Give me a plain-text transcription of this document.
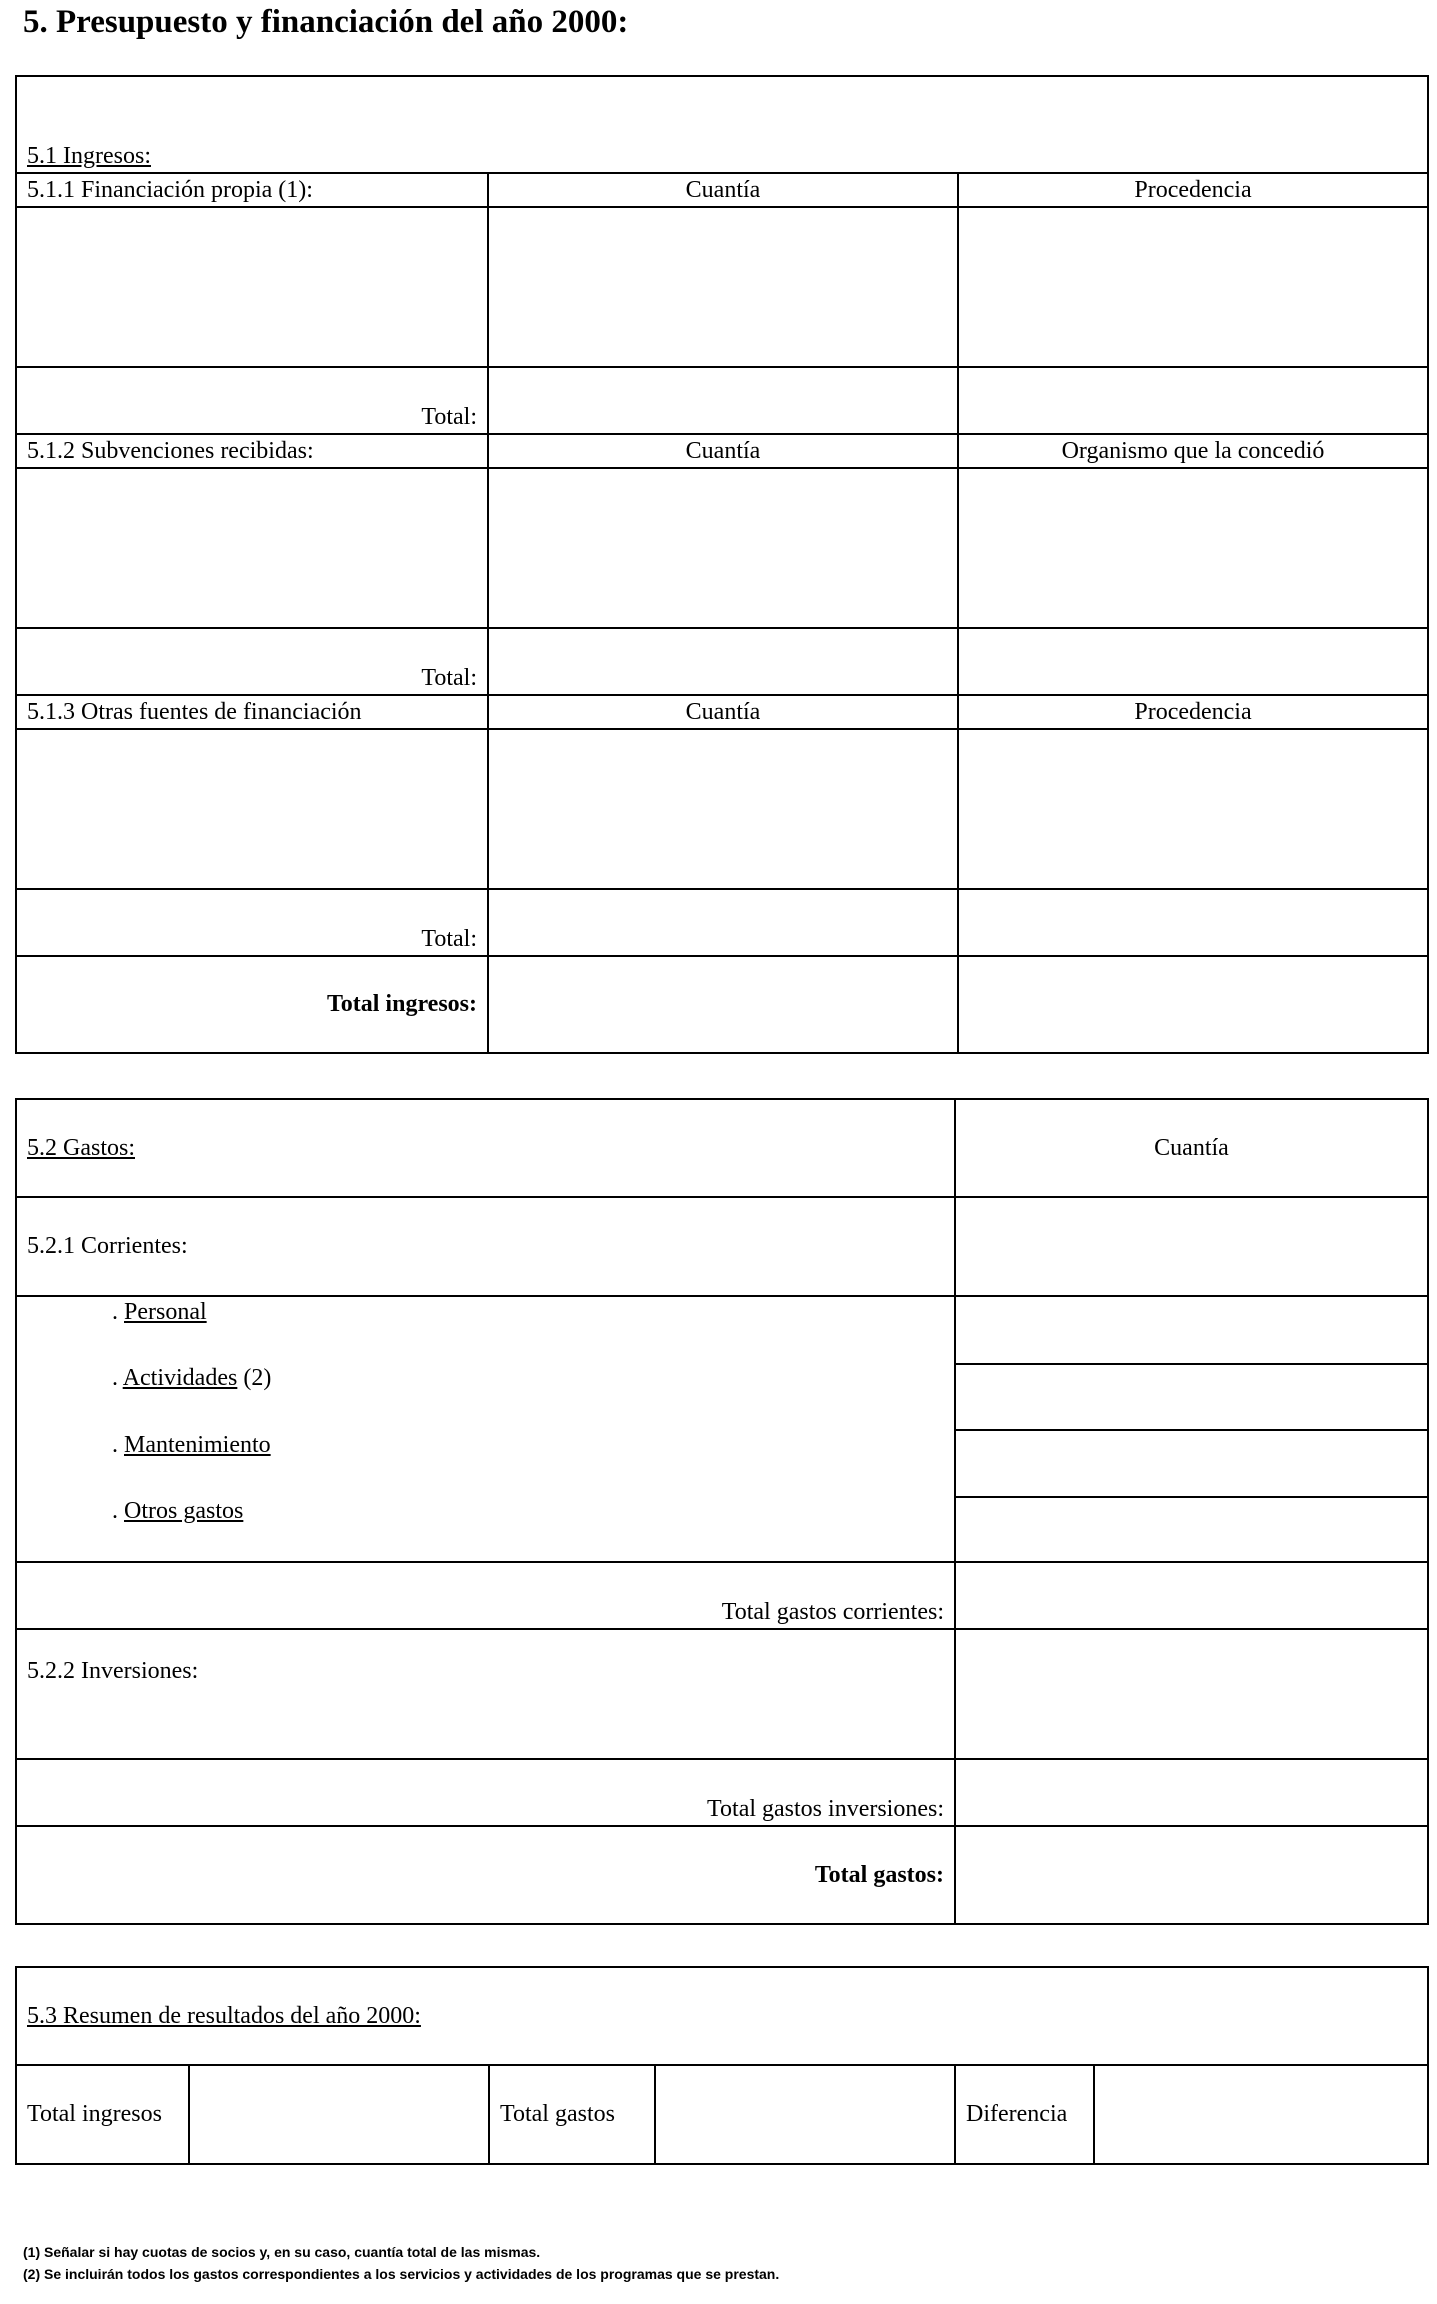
5. Presupuesto y financiación del año 2000:
5.1 Ingresos:		
5.1.1 Financiación propia (1):	Cuantía	Procedencia

Total:		
5.1.2 Subvenciones recibidas:	Cuantía	Organismo que la concedió

Total:		
5.1.3 Otras fuentes de financiación	Cuantía	Procedencia

Total:		
Total ingresos:		
5.2 Gastos:	Cuantía
5.2.1 Corrientes:	

. Personal
. Actividades (2)
. Mantenimiento
. Otros gastos	

Total gastos corrientes:	
5.2.2 Inversiones:	
Total gastos inversiones:	
Total gastos:	
5.3 Resumen de resultados del año 2000:
Total ingresos		Total gastos		Diferencia	
(1) Señalar si hay cuotas de socios y, en su caso, cuantía total de las mismas.
(2) Se incluirán todos los gastos correspondientes a los servicios y actividades de los programas que se prestan.
